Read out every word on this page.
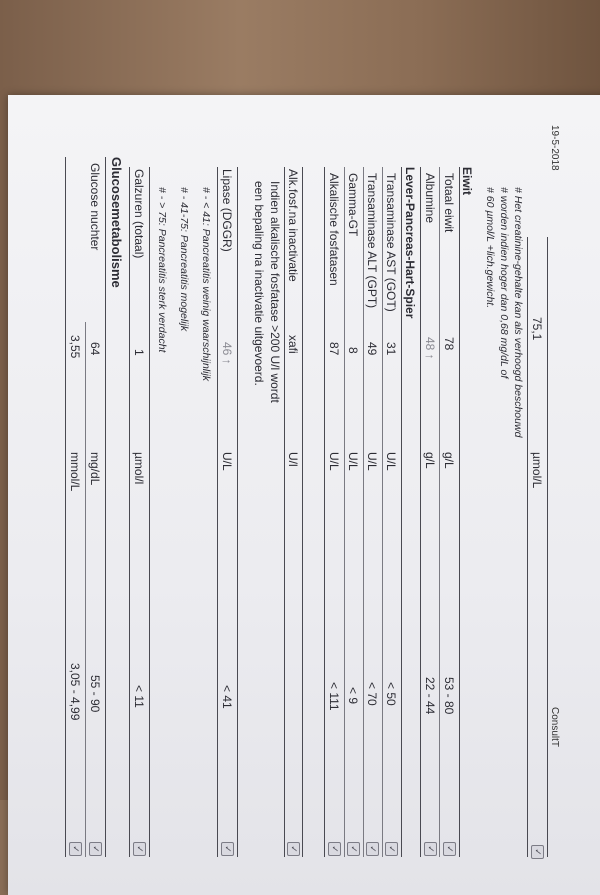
19-5-2018
ConsultT
75,1
µmol/L
✓
# Het creatinine-gehalte kan als verhoogd beschouwd
# worden indien hoger dan 0,68 mg/dL of
# 60 µmol/L +lich.gewicht.
Eiwit
Totaal eiwit
78
g/L
53 - 80
✓
Albumine
48 ↑
g/L
22 - 44
✓
Lever-Pancreas-Hart-Spier
Transaminase AST (GOT)
31
U/L
< 50
✓
Transaminase ALT (GPT)
49
U/L
< 70
✓
Gamma-GT
8
U/L
< 9
✓
Alkalische fosfatasen
87
U/L
< 111
✓
Alk.fosf.na inactivatie
xafi
U/l
✓
Indien alkalische fosfatase >200 U/l wordt
een bepaling na inactivatie uitgevoerd.
Lipase (DGGR)
46 ↑
U/L
< 41
✓
# - < 41: Pancreatitis weinig waarschijnlijk
# - 41-75: Pancreatitis mogelijk
# - > 75: Pancreatitis sterk verdacht
Galzuren (totaal)
1
µmol/l
< 11
✓
Glucosemetabolisme
Glucose nuchter
64
mg/dL
55 - 90
✓
3,55
mmol/L
3,05 - 4,99
✓
